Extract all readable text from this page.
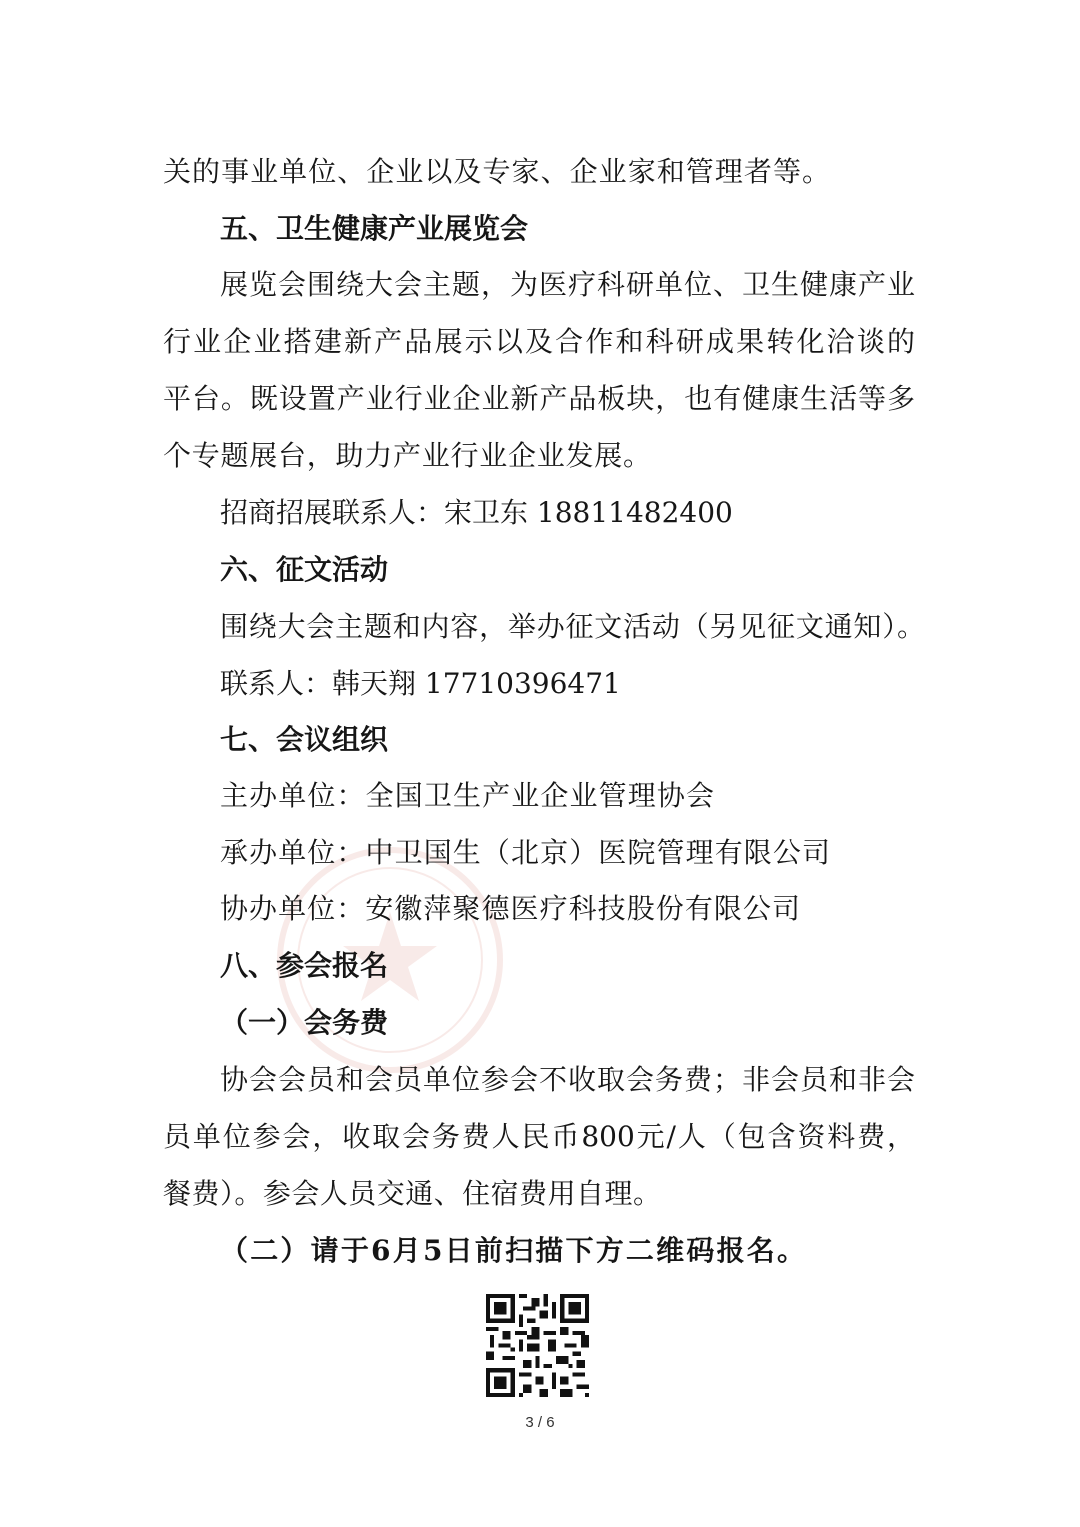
关的事业单位、企业以及专家、企业家和管理者等。
五、卫生健康产业展览会
展览会围绕大会主题，为医疗科研单位、卫生健康产业
行业企业搭建新产品展示以及合作和科研成果转化洽谈的
平台。既设置产业行业企业新产品板块，也有健康生活等多
个专题展台，助力产业行业企业发展。
招商招展联系人：宋卫东 18811482400
六、征文活动
围绕大会主题和内容，举办征文活动（另见征文通知）。
联系人：韩天翔 17710396471
七、会议组织
主办单位：全国卫生产业企业管理协会
承办单位：中卫国生（北京）医院管理有限公司
协办单位：安徽萍聚德医疗科技股份有限公司
八、参会报名
（一）会务费
协会会员和会员单位参会不收取会务费；非会员和非会
员单位参会，收取会务费人民币800元/人（包含资料费，
餐费）。参会人员交通、住宿费用自理。
（二）请于6月5日前扫描下方二维码报名。
3 / 6
